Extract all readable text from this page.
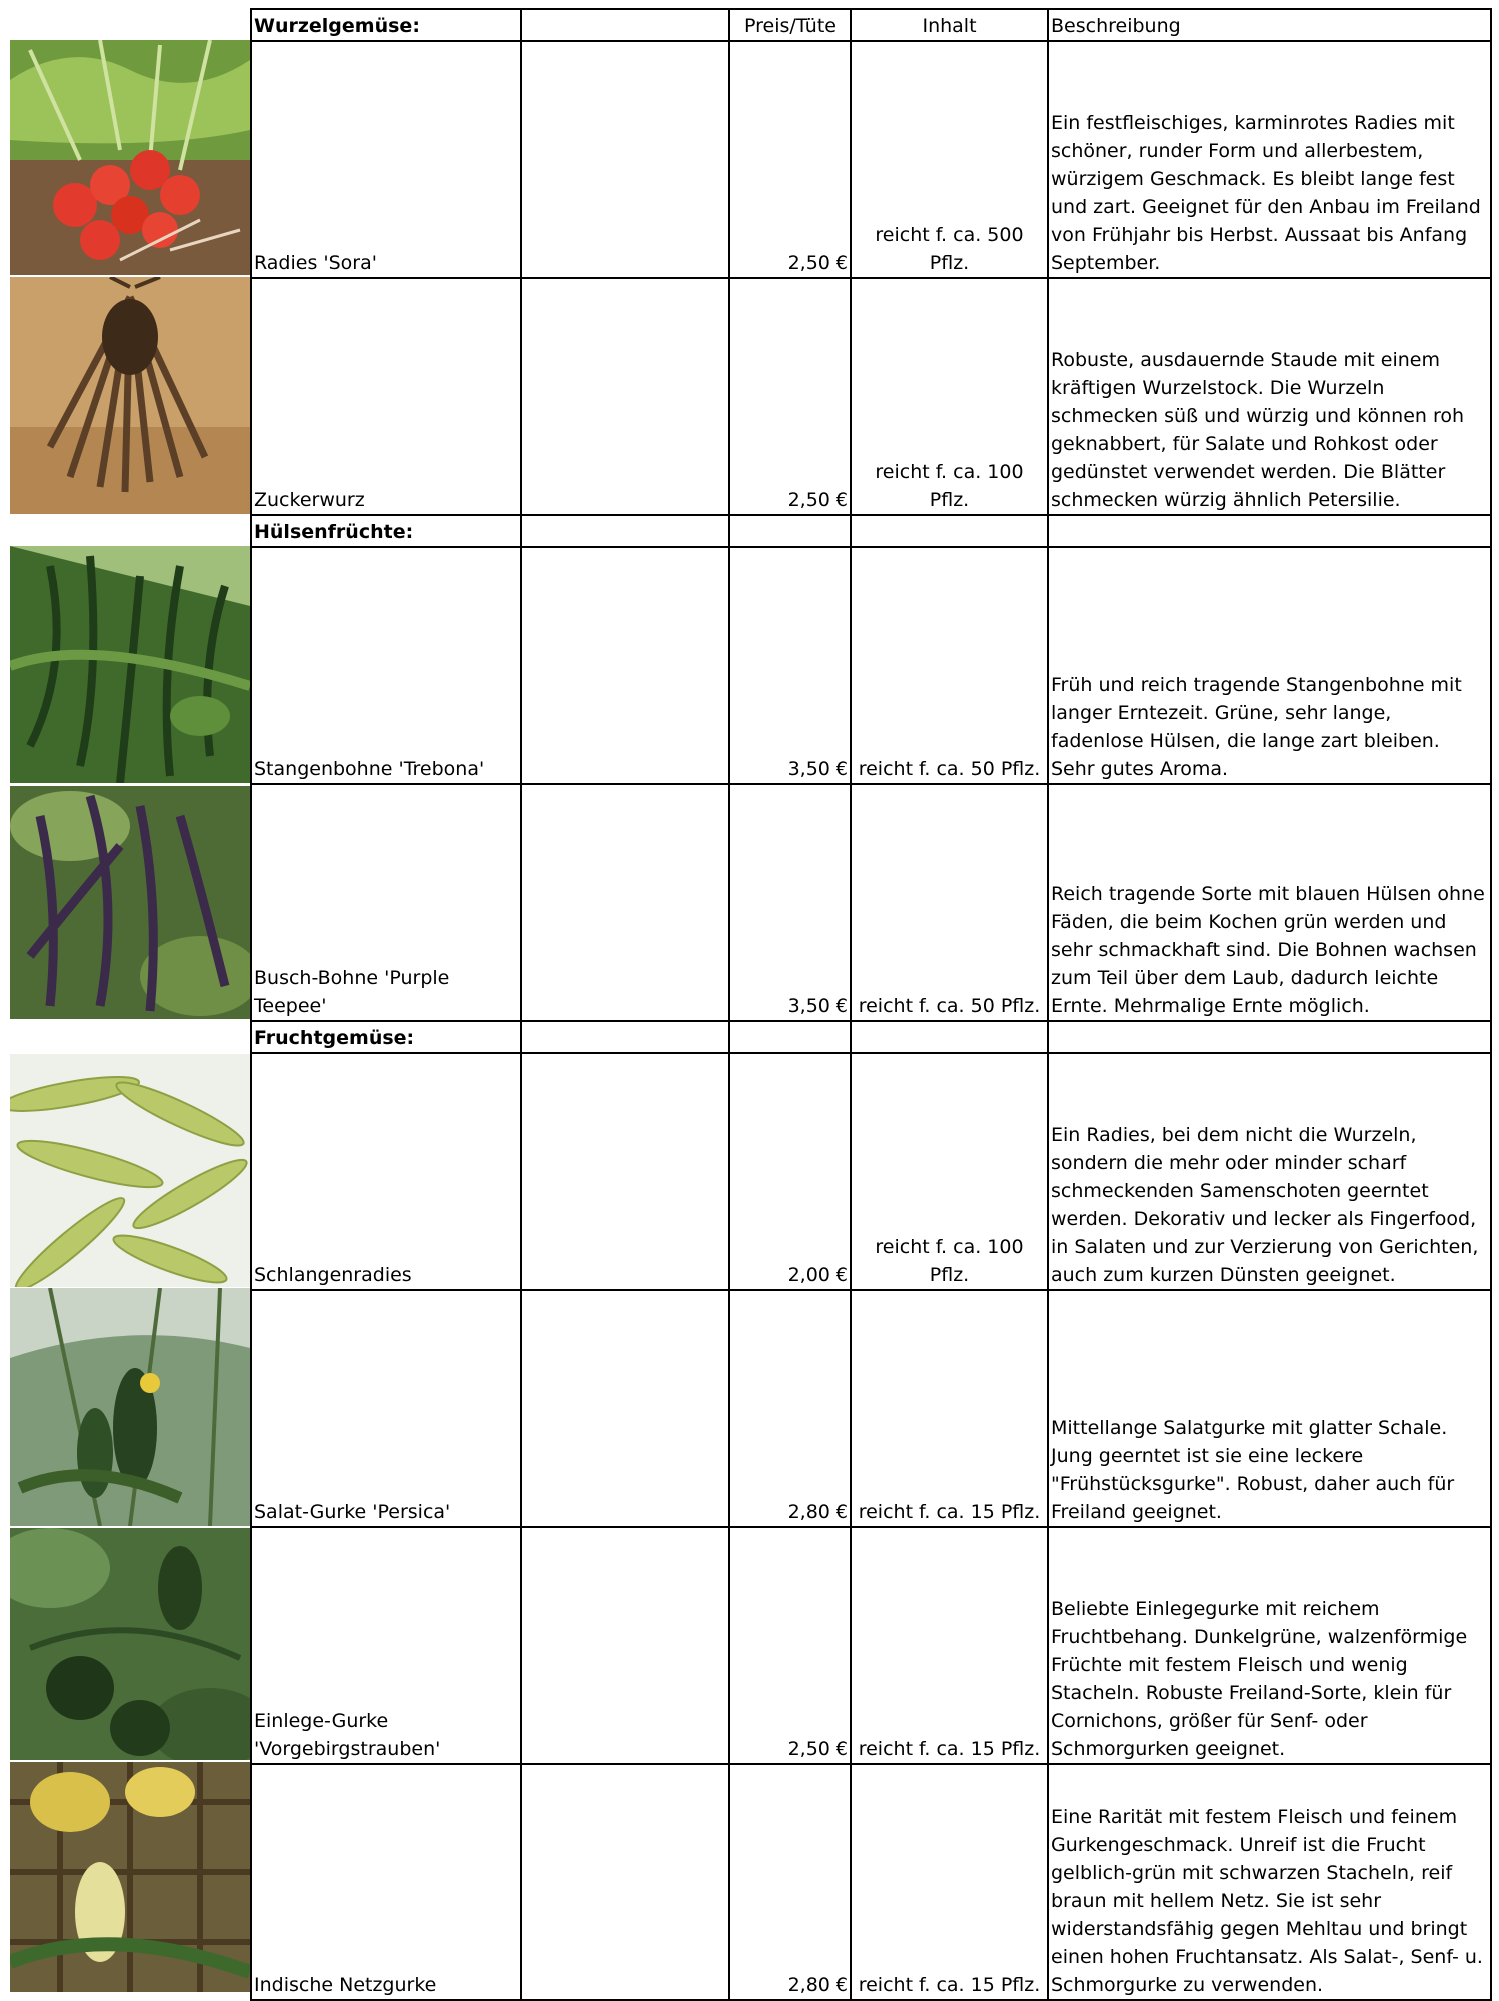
Wurzelgemüse:		Preis/Tüte	Inhalt	Beschreibung
Radies 'Sora'		2,50 €	reicht f. ca. 500 Pflz.	Ein festfleischiges, karminrotes Radies mit schöner, runder Form und allerbestem, würzigem Geschmack. Es bleibt lange fest und zart. Geeignet für den Anbau im Freiland von Frühjahr bis Herbst. Aussaat bis Anfang September.
Zuckerwurz		2,50 €	reicht f. ca. 100 Pflz.	Robuste, ausdauernde Staude mit einem kräftigen Wurzelstock. Die Wurzeln schmecken süß und würzig und können roh geknabbert, für Salate und Rohkost oder gedünstet verwendet werden. Die Blätter schmecken würzig ähnlich Petersilie.
Hülsenfrüchte:				
Stangenbohne 'Trebona'		3,50 €	reicht f. ca. 50 Pflz.	Früh und reich tragende Stangenbohne mit langer Erntezeit. Grüne, sehr lange, fadenlose Hülsen, die lange zart bleiben. Sehr gutes Aroma.
Busch-Bohne 'Purple Teepee'		3,50 €	reicht f. ca. 50 Pflz.	Reich tragende Sorte mit blauen Hülsen ohne Fäden, die beim Kochen grün werden und sehr schmackhaft sind. Die Bohnen wachsen zum Teil über dem Laub, dadurch leichte Ernte. Mehrmalige Ernte möglich.
Fruchtgemüse:				
Schlangenradies		2,00 €	reicht f. ca. 100 Pflz.	Ein Radies, bei dem nicht die Wurzeln, sondern die mehr oder minder scharf schmeckenden Samenschoten geerntet werden. Dekorativ und lecker als Fingerfood, in Salaten und zur Verzierung von Gerichten, auch zum kurzen Dünsten geeignet.
Salat-Gurke 'Persica'		2,80 €	reicht f. ca. 15 Pflz.	Mittellange Salatgurke mit glatter Schale. Jung geerntet ist sie eine leckere "Frühstücksgurke". Robust, daher auch für Freiland geeignet.
Einlege-Gurke 'Vorgebirgstrauben'		2,50 €	reicht f. ca. 15 Pflz.	Beliebte Einlegegurke mit reichem Fruchtbehang. Dunkelgrüne, walzenförmige Früchte mit festem Fleisch und wenig Stacheln. Robuste Freiland-Sorte, klein für Cornichons, größer für Senf- oder Schmorgurken geeignet.
Indische Netzgurke		2,80 €	reicht f. ca. 15 Pflz.	Eine Rarität mit festem Fleisch und feinem Gurkengeschmack. Unreif ist die Frucht gelblich-grün mit schwarzen Stacheln, reif braun mit hellem Netz. Sie ist sehr widerstandsfähig gegen Mehltau und bringt einen hohen Fruchtansatz. Als Salat-, Senf- u. Schmorgurke zu verwenden.
